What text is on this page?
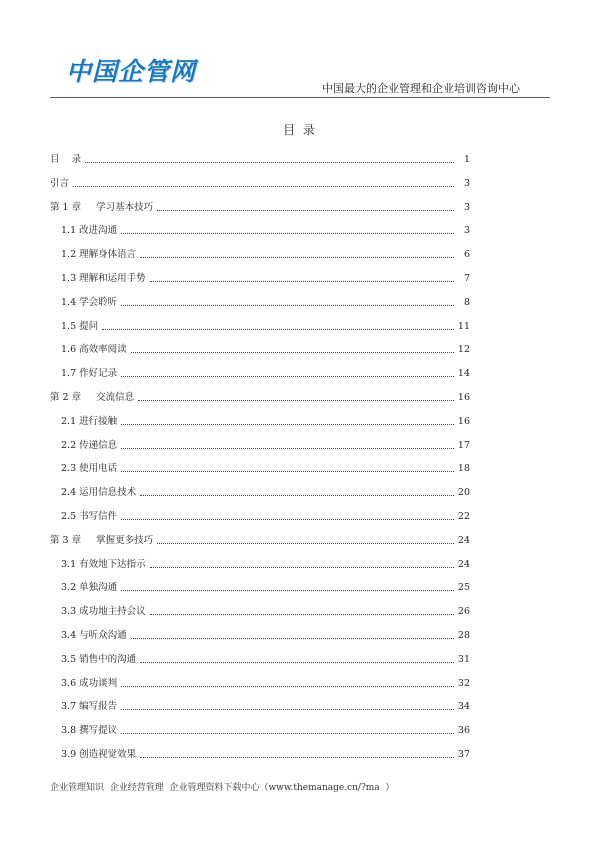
中国企管网
中国最大的企业管理和企业培训咨询中心
目 录
目    录	1
引言	3
第 1 章    学习基本技巧	3
1.1 改进沟通	3
1.2 理解身体语言	6
1.3 理解和运用手势	7
1.4 学会聆听	8
1.5 提问	11
1.6 高效率阅读	12
1.7 作好记录	14
第 2 章    交流信息	16
2.1 进行接触	16
2.2 传递信息	17
2.3 使用电话	18
2.4 运用信息技术	20
2.5 书写信件	22
第 3 章    掌握更多技巧	24
3.1 有效地下达指示	24
3.2 单独沟通	25
3.3 成功地主持会议	26
3.4 与听众沟通	28
3.5 销售中的沟通	31
3.6 成功谈判	32
3.7 编写报告	34
3.8 撰写提议	36
3.9 创造视觉效果	37
企业管理知识  企业经营管理  企业管理资料下载中心（www.themanage.cn/?ma  ）
